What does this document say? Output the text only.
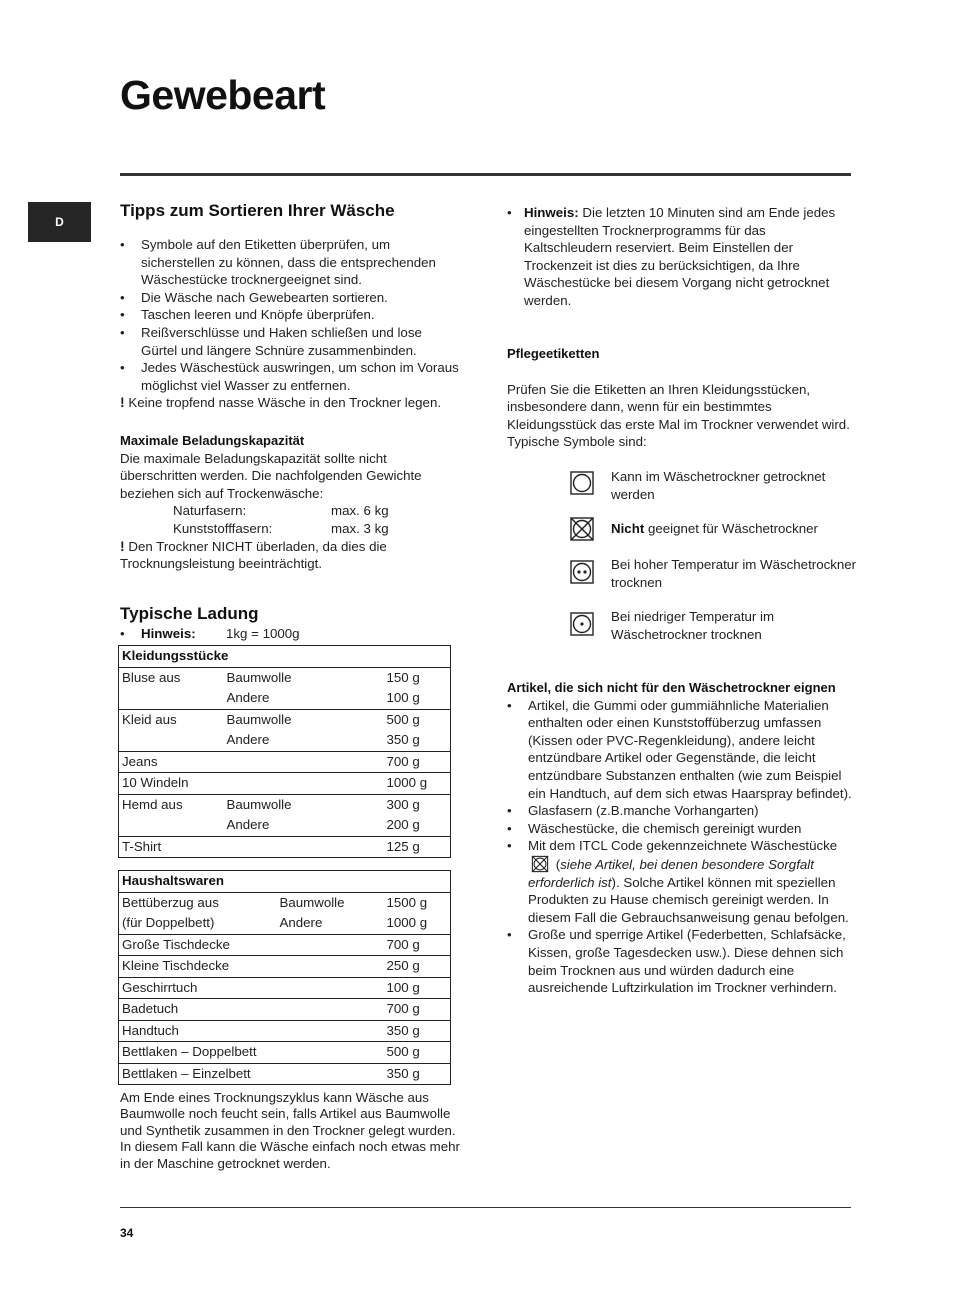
Gewebeart
D
Tipps zum Sortieren Ihrer Wäsche
• Symbole auf den Etiketten überprüfen, um sicherstellen zu können, dass die entsprechenden Wäschestücke trocknergeeignet sind.
• Die Wäsche nach Gewebearten sortieren.
• Taschen leeren und Knöpfe überprüfen.
• Reißverschlüsse und Haken schließen und lose Gürtel und längere Schnüre zusammenbinden.
• Jedes Wäschestück auswringen, um schon im Voraus möglichst viel Wasser zu entfernen.
! Keine tropfend nasse Wäsche in den Trockner legen.
Maximale Beladungskapazität
Die maximale Beladungskapazität sollte nicht überschritten werden. Die nachfolgenden Gewichte beziehen sich auf Trockenwäsche:
Naturfasern:	max. 6 kg
Kunststofffasern:	max. 3 kg
! Den Trockner NICHT überladen, da dies die Trocknungsleistung beeinträchtigt.
Typische Ladung
• Hinweis:	1kg = 1000g
Kleidungsstücke		
Bluse aus	Baumwolle	150 g
	Andere	100 g
Kleid aus	Baumwolle	500 g
	Andere	350 g
Jeans		700 g
10 Windeln		1000 g
Hemd aus	Baumwolle	300 g
	Andere	200 g
T-Shirt		125 g
Haushaltswaren		
Bettüberzug aus	Baumwolle	1500 g
(für Doppelbett)	Andere	1000 g
Große Tischdecke		700 g
Kleine Tischdecke		250 g
Geschirrtuch		100 g
Badetuch		700 g
Handtuch		350 g
Bettlaken – Doppelbett		500 g
Bettlaken – Einzelbett		350 g
Am Ende eines Trocknungszyklus kann Wäsche aus Baumwolle noch feucht sein, falls Artikel aus Baumwolle und Synthetik zusammen in den Trockner gelegt wurden. In diesem Fall kann die Wäsche einfach noch etwas mehr in der Maschine getrocknet werden.
• Hinweis: Die letzten 10 Minuten sind am Ende jedes eingestellten Trocknerprogramms für das Kaltschleudern reserviert. Beim Einstellen der Trockenzeit ist dies zu berücksichtigen, da Ihre Wäschestücke bei diesem Vorgang nicht getrocknet werden.
Pflegeetiketten
Prüfen Sie die Etiketten an Ihren Kleidungsstücken, insbesondere dann, wenn für ein bestimmtes Kleidungsstück das erste Mal im Trockner verwendet wird. Typische Symbole sind:
Kann im Wäschetrockner getrocknet werden
Nicht geeignet für Wäschetrockner
Bei hoher Temperatur im Wäschetrockner trocknen
Bei niedriger Temperatur im Wäschetrockner trocknen
Artikel, die sich nicht für den Wäschetrockner eignen
• Artikel, die Gummi oder gummiähnliche Materialien enthalten oder einen Kunststoffüberzug umfassen (Kissen oder PVC-Regenkleidung), andere leicht entzündbare Artikel oder Gegenstände, die leicht entzündbare Substanzen enthalten (wie zum Beispiel ein Handtuch, auf dem sich etwas Haarspray befindet).
• Glasfasern (z.B.manche Vorhangarten)
• Wäschestücke, die chemisch gereinigt wurden
• Mit dem ITCL Code gekennzeichnete Wäschestücke  (siehe Artikel, bei denen besondere Sorgfalt erforderlich ist). Solche Artikel können mit speziellen Produkten zu Hause chemisch gereinigt werden. In diesem Fall die Gebrauchsanweisung genau befolgen.
• Große und sperrige Artikel (Federbetten, Schlafsäcke, Kissen, große Tagesdecken usw.). Diese dehnen sich beim Trocknen aus und würden dadurch eine ausreichende Luftzirkulation im Trockner verhindern.
34
